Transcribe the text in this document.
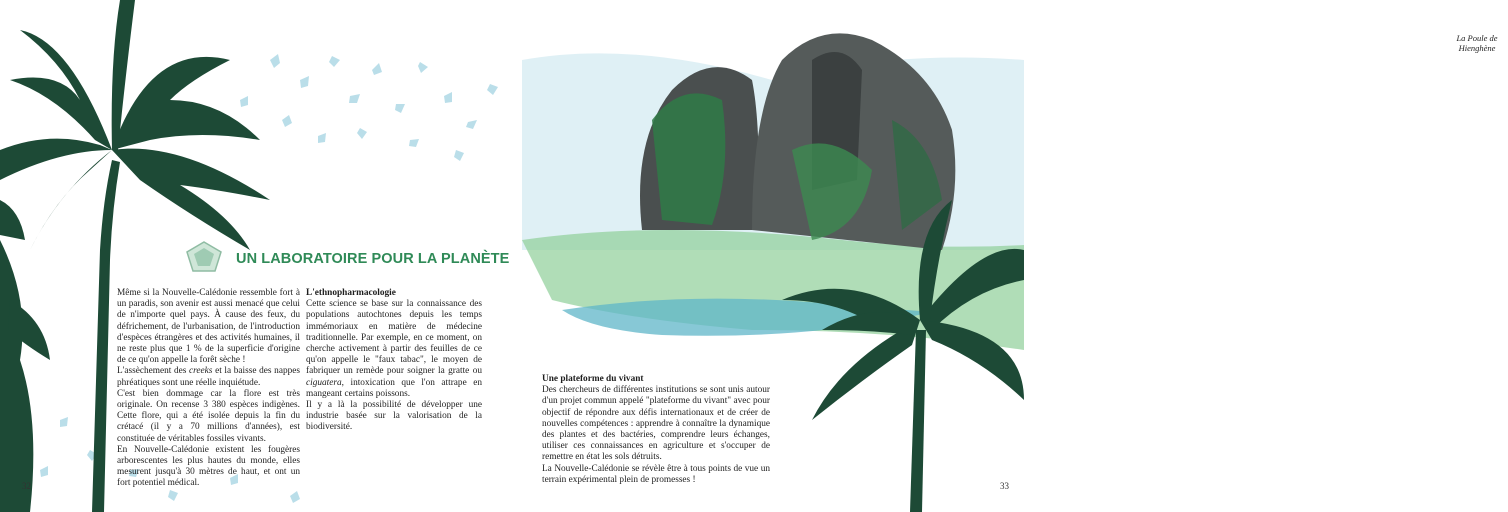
UN LABORATOIRE POUR LA PLANÈTE

Même si la Nouvelle-Calédonie ressemble fort à un paradis, son avenir est aussi menacé que celui de n'importe quel pays. À cause des feux, du défrichement, de l'urbanisation, de l'introduction d'espèces étrangères et des activités humaines, il ne reste plus que 1 % de la superficie d'origine de ce qu'on appelle la forêt sèche !

L'assèchement des creeks et la baisse des nappes phréatiques sont une réelle inquiétude.

C'est bien dommage car la flore est très originale. On recense 3 380 espèces indigènes. Cette flore, qui a été isolée depuis la fin du crétacé (il y a 70 millions d'années), est constituée de véritables fossiles vivants.

En Nouvelle-Calédonie existent les fougères arborescentes les plus hautes du monde, elles mesurent jusqu'à 30 mètres de haut, et ont un fort potentiel médical.

L'ethnopharmacologie

Cette science se base sur la connaissance des populations autochtones depuis les temps immémoriaux en matière de médecine traditionnelle. Par exemple, en ce moment, on cherche activement à partir des feuilles de ce qu'on appelle le "faux tabac", le moyen de fabriquer un remède pour soigner la gratte ou ciguatera, intoxication que l'on attrape en mangeant certains poissons.

Il y a là la possibilité de développer une industrie basée sur la valorisation de la biodiversité.

32
La Poule de
Hienghène
33

Une plateforme du vivant

Des chercheurs de différentes institutions se sont unis autour d'un projet commun appelé "plateforme du vivant" avec pour objectif de répondre aux défis internationaux et de créer de nouvelles compétences : apprendre à connaître la dynamique des plantes et des bactéries, comprendre leurs échanges, utiliser ces connaissances en agriculture et s'occuper de remettre en état les sols détruits.

La Nouvelle-Calédonie se révèle être à tous points de vue un terrain expérimental plein de promesses !
